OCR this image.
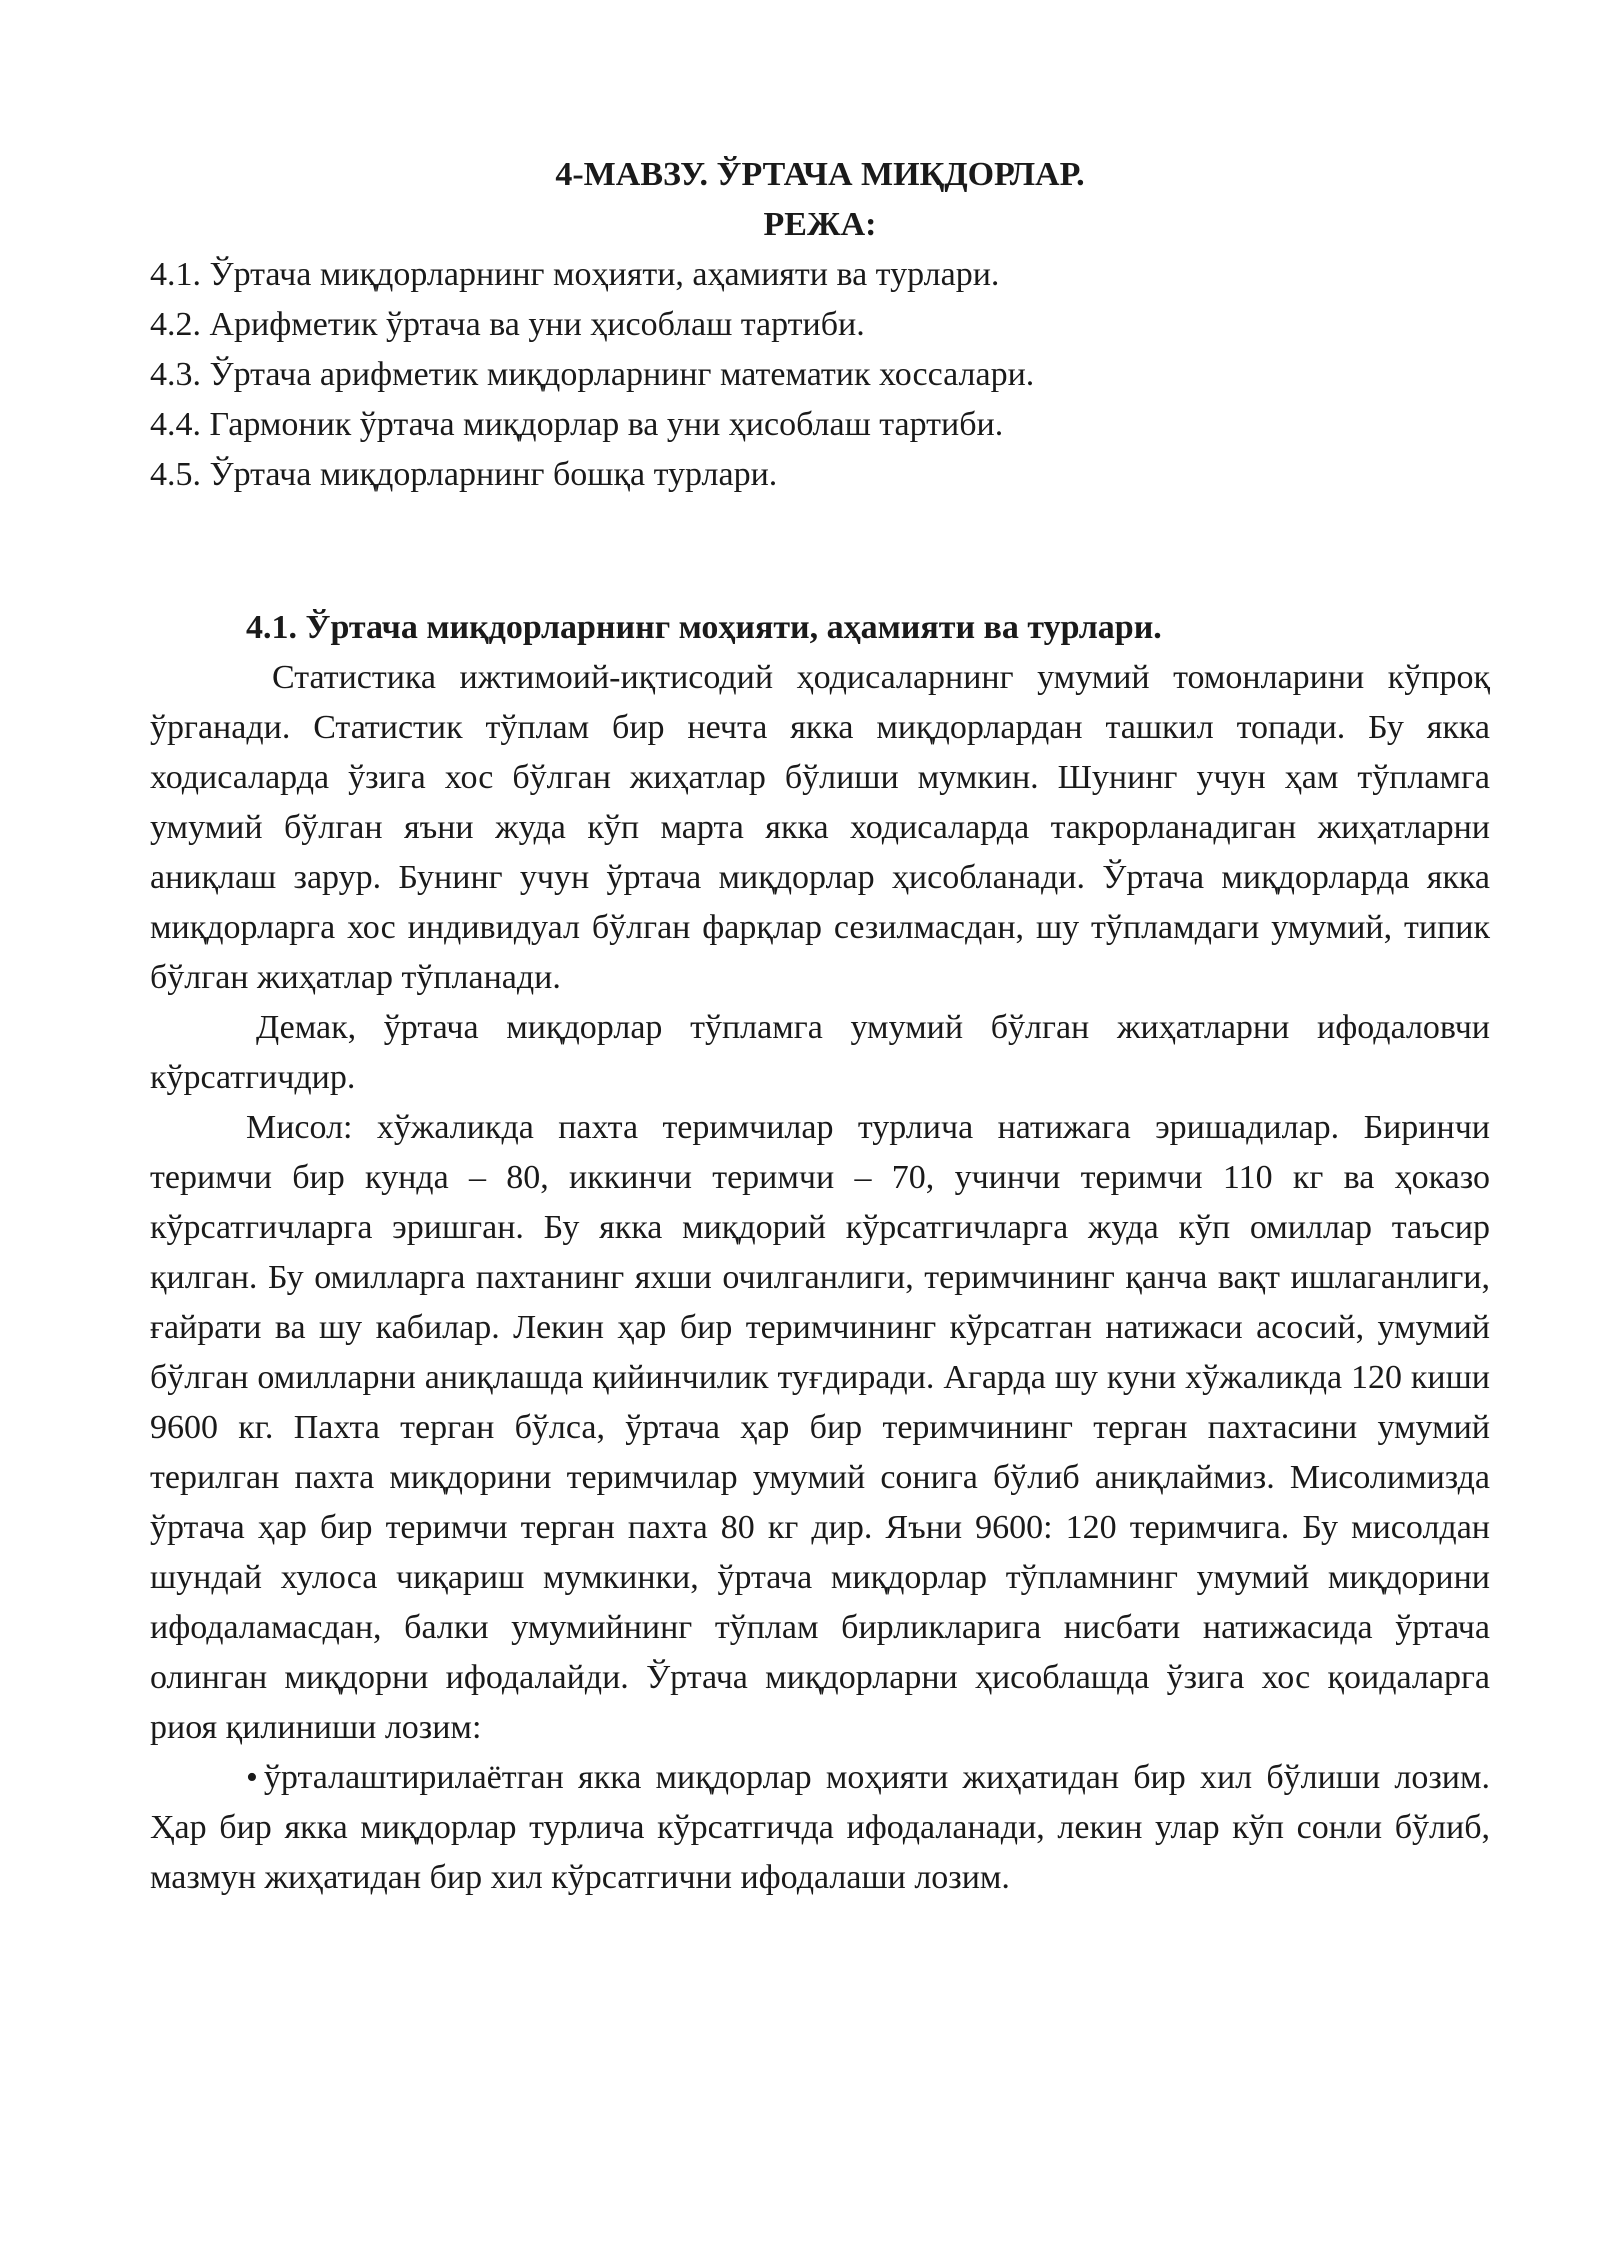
4-МАВЗУ. ЎРТАЧА МИҚДОРЛАР.

РЕЖА:

4.1. Ўртача миқдорларнинг моҳияти, аҳамияти ва турлари.
4.2. Арифметик ўртача ва уни ҳисоблаш тартиби.
4.3. Ўртача арифметик миқдорларнинг математик хоссалари.
4.4. Гармоник ўртача миқдорлар ва уни ҳисоблаш тартиби.
4.5. Ўртача миқдорларнинг бошқа турлари.

4.1. Ўртача миқдорларнинг моҳияти, аҳамияти ва турлари.

Статистика ижтимоий-иқтисодий ҳодисаларнинг умумий томонларини кўпроқ ўрганади. Статистик тўплам бир нечта якка миқдорлардан ташкил топади. Бу якка ходисаларда ўзига хос бўлган жиҳатлар бўлиши мумкин. Шунинг учун ҳам тўпламга умумий бўлган яъни жуда кўп марта якка ходисаларда такрорланадиган жиҳатларни аниқлаш зарур. Бунинг учун ўртача миқдорлар ҳисобланади. Ўртача миқдорларда якка миқдорларга хос индивидуал бўлган фарқлар сезилмасдан, шу тўпламдаги умумий, типик бўлган жиҳатлар тўпланади.

Демак, ўртача миқдорлар тўпламга умумий бўлган жиҳатларни ифодаловчи кўрсатгичдир.

Мисол: хўжаликда пахта теримчилар турлича натижага эришадилар. Биринчи теримчи бир кунда – 80, иккинчи теримчи – 70, учинчи теримчи 110 кг ва ҳоказо кўрсатгичларга эришган. Бу якка миқдорий кўрсатгичларга жуда кўп омиллар таъсир қилган. Бу омилларга пахтанинг яхши очилганлиги, теримчининг қанча вақт ишлаганлиги, ғайрати ва шу кабилар. Лекин ҳар бир теримчининг кўрсатган натижаси асосий, умумий бўлган омилларни аниқлашда қийинчилик туғдиради. Агарда шу куни хўжаликда 120 киши 9600 кг. Пахта терган бўлса, ўртача ҳар бир теримчининг терган пахтасини умумий терилган пахта миқдорини теримчилар умумий сонига бўлиб аниқлаймиз. Мисолимизда ўртача ҳар бир теримчи терган пахта 80 кг дир. Яъни 9600: 120 теримчига. Бу мисолдан шундай хулоса чиқариш мумкинки, ўртача миқдорлар тўпламнинг умумий миқдорини ифодаламасдан, балки умумийнинг тўплам бирликларига нисбати натижасида ўртача олинган миқдорни ифодалайди. Ўртача миқдорларни ҳисоблашда ўзига хос қоидаларга риоя қилиниши лозим:

• ўрталаштирилаётган якка миқдорлар моҳияти жиҳатидан бир хил бўлиши лозим. Ҳар бир якка миқдорлар турлича кўрсатгичда ифодаланади, лекин улар кўп сонли бўлиб, мазмун жиҳатидан бир хил кўрсатгични ифодалаши лозим.
